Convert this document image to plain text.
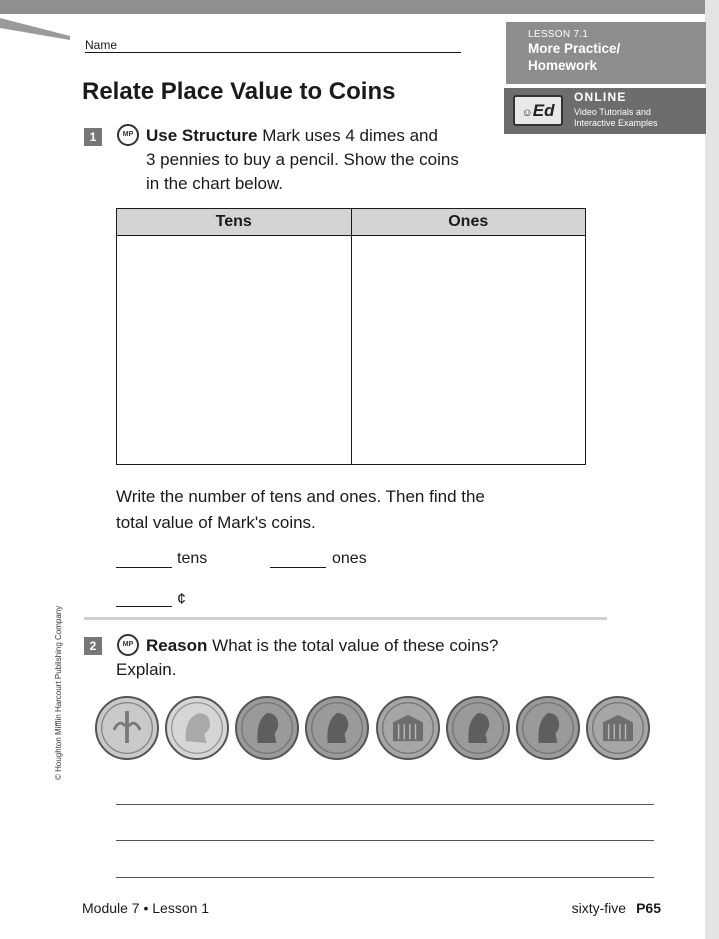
Name
LESSON 7.1
More Practice/
Homework
☺Ed
ONLINE
Video Tutorials and
Interactive Examples
Relate Place Value to Coins
1	MP Use Structure Mark uses 4 dimes and
3 pennies to buy a pencil. Show the coins
in the chart below.
Tens	Ones
Write the number of tens and ones. Then find the
total value of Mark's coins.
tens	ones
¢
2	MP Reason What is the total value of these coins?
Explain.
© Houghton Mifflin Harcourt Publishing Company
Module 7 • Lesson 1	sixty-five P65
